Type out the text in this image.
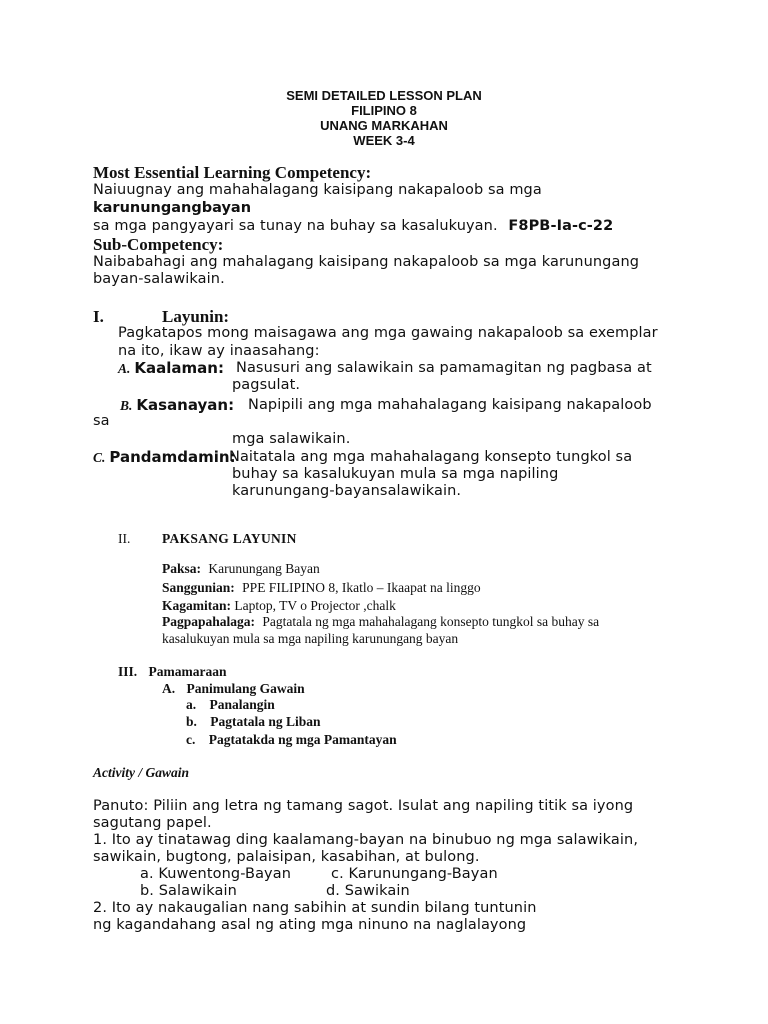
SEMI DETAILED LESSON PLAN
FILIPINO 8
UNANG MARKAHAN
WEEK 3-4
Most Essential Learning Competency:
Naiuugnay ang mahahalagang kaisipang nakapaloob sa mga
karunungangbayan
sa mga pangyayari sa tunay na buhay sa kasalukuyan. F8PB-Ia-c-22
Sub-Competency:
Naibabahagi ang mahalagang kaisipang nakapaloob sa mga karunungang
bayan-salawikain.
I.	Layunin:
Pagkatapos mong maisagawa ang mga gawaing nakapaloob sa exemplar
na ito, ikaw ay inaasahang:
A. Kaalaman: Nasusuri ang salawikain sa pamamagitan ng pagbasa at
pagsulat.
B. Kasanayan: Napipili ang mga mahahalagang kaisipang nakapaloob
sa
mga salawikain.
C. Pandamdamin:
Naitatala ang mga mahahalagang konsepto tungkol sa
buhay sa kasalukuyan mula sa mga napiling
karunungang-bayansalawikain.
II. PAKSANG LAYUNIN
Paksa: Karunungang Bayan
Sanggunian: PPE FILIPINO 8, Ikatlo – Ikaapat na linggo
Kagamitan: Laptop, TV o Projector ,chalk
Pagpapahalaga: Pagtatala ng mga mahahalagang konsepto tungkol sa buhay sa
kasalukuyan mula sa mga napiling karunungang bayan
III. Pamamaraan
A. Panimulang Gawain
a. Panalangin
b. Pagtatala ng Liban
c. Pagtatakda ng mga Pamantayan
Activity / Gawain
Panuto: Piliin ang letra ng tamang sagot. Isulat ang napiling titik sa iyong
sagutang papel.
1. Ito ay tinatawag ding kaalamang-bayan na binubuo ng mga salawikain,
sawikain, bugtong, palaisipan, kasabihan, at bulong.
a. Kuwentong-Bayan	c. Karunungang-Bayan
b. Salawikain	d. Sawikain
2. Ito ay nakaugalian nang sabihin at sundin bilang tuntunin
ng kagandahang asal ng ating mga ninuno na naglalayong
